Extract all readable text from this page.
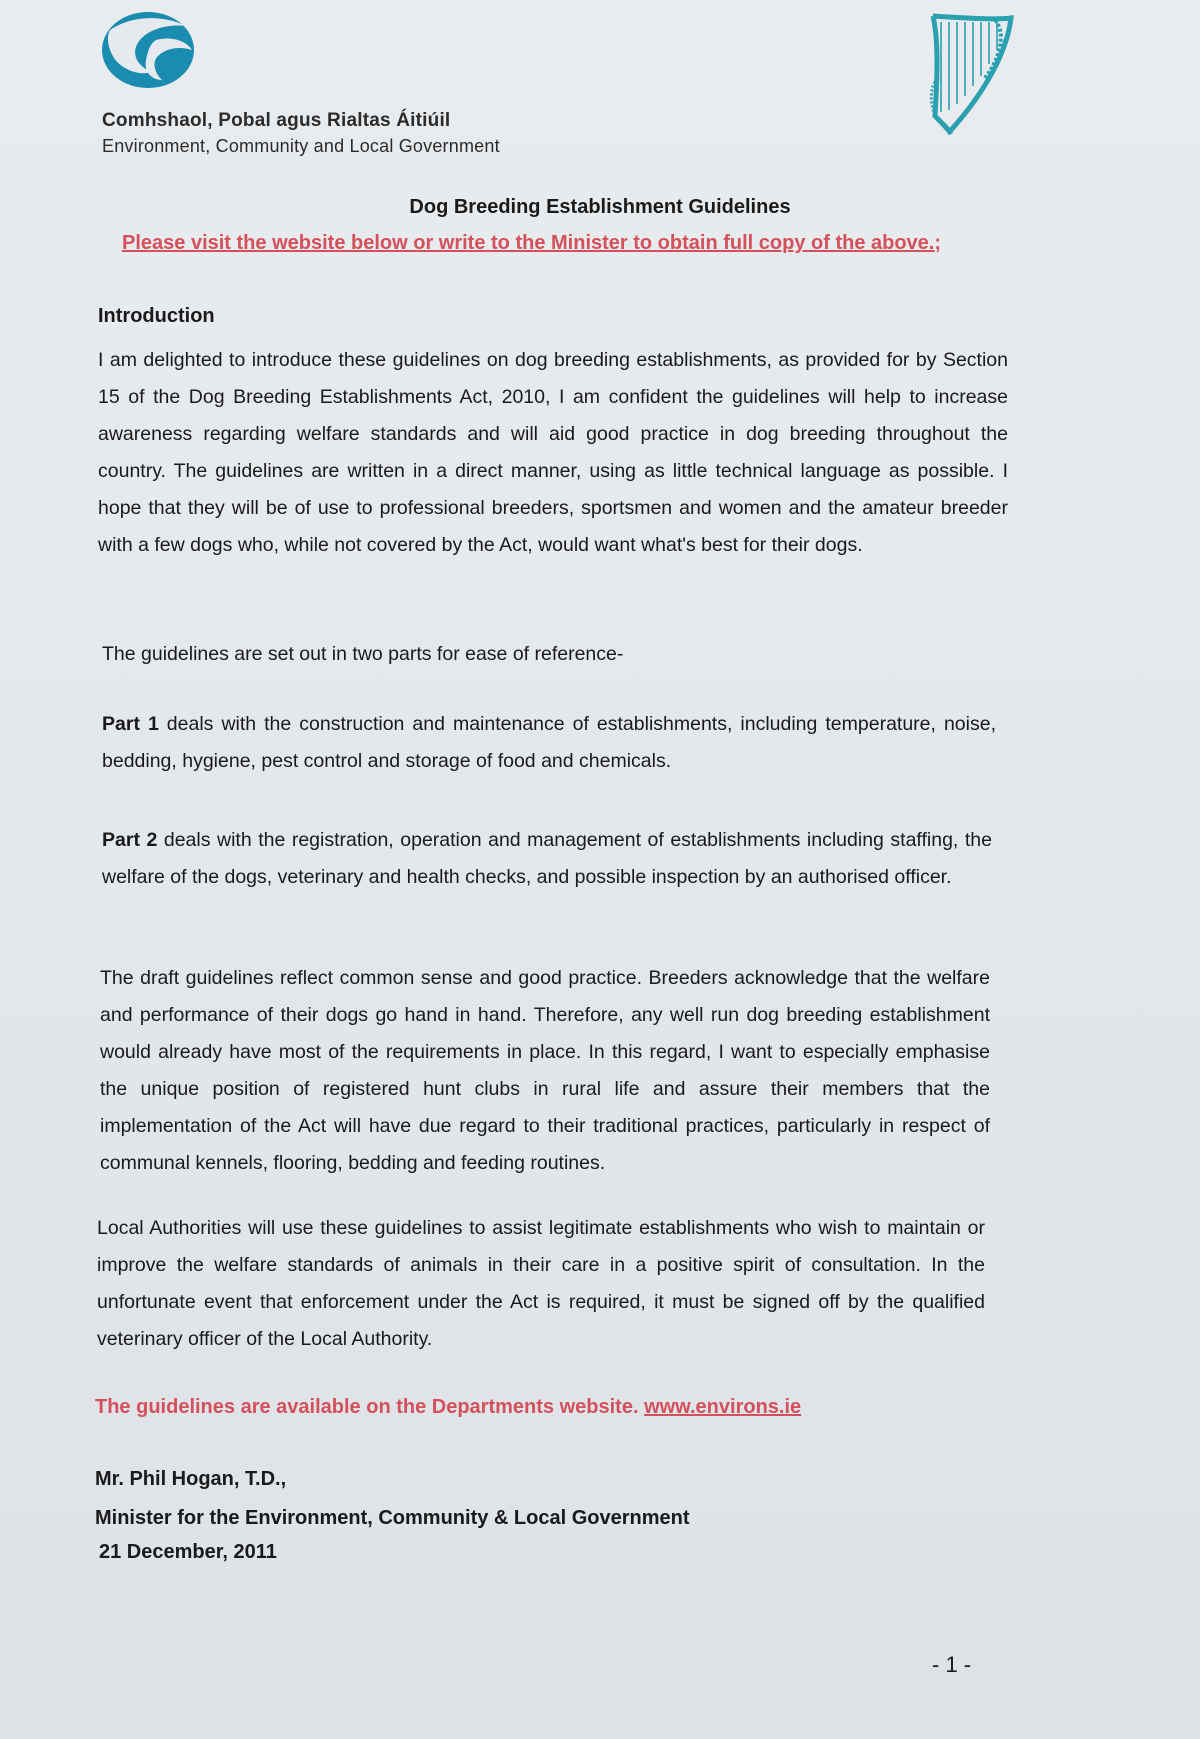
Comhshaol, Pobal agus Rialtas Áitiúil
Environment, Community and Local Government
Dog Breeding Establishment Guidelines
Please visit the website below or write to the Minister to obtain full copy of the above.;
Introduction
I am delighted to introduce these guidelines on dog breeding establishments, as provided for by Section 15 of the Dog Breeding Establishments Act, 2010, I am confident the guidelines will help to increase awareness regarding welfare standards and will aid good practice in dog breeding throughout the country. The guidelines are written in a direct manner, using as little technical language as possible. I hope that they will be of use to professional breeders, sportsmen and women and the amateur breeder with a few dogs who, while not covered by the Act, would want what's best for their dogs.
The guidelines are set out in two parts for ease of reference-
Part 1 deals with the construction and maintenance of establishments, including temperature, noise, bedding, hygiene, pest control and storage of food and chemicals.
Part 2 deals with the registration, operation and management of establishments including staffing, the welfare of the dogs, veterinary and health checks, and possible inspection by an authorised officer.
The draft guidelines reflect common sense and good practice. Breeders acknowledge that the welfare and performance of their dogs go hand in hand. Therefore, any well run dog breeding establishment would already have most of the requirements in place. In this regard, I want to especially emphasise the unique position of registered hunt clubs in rural life and assure their members that the implementation of the Act will have due regard to their traditional practices, particularly in respect of communal kennels, flooring, bedding and feeding routines.
Local Authorities will use these guidelines to assist legitimate establishments who wish to maintain or improve the welfare standards of animals in their care in a positive spirit of consultation. In the unfortunate event that enforcement under the Act is required, it must be signed off by the qualified veterinary officer of the Local Authority.
The guidelines are available on the Departments website. www.environs.ie
Mr. Phil Hogan, T.D.,
Minister for the Environment, Community & Local Government
21 December, 2011
- 1 -
